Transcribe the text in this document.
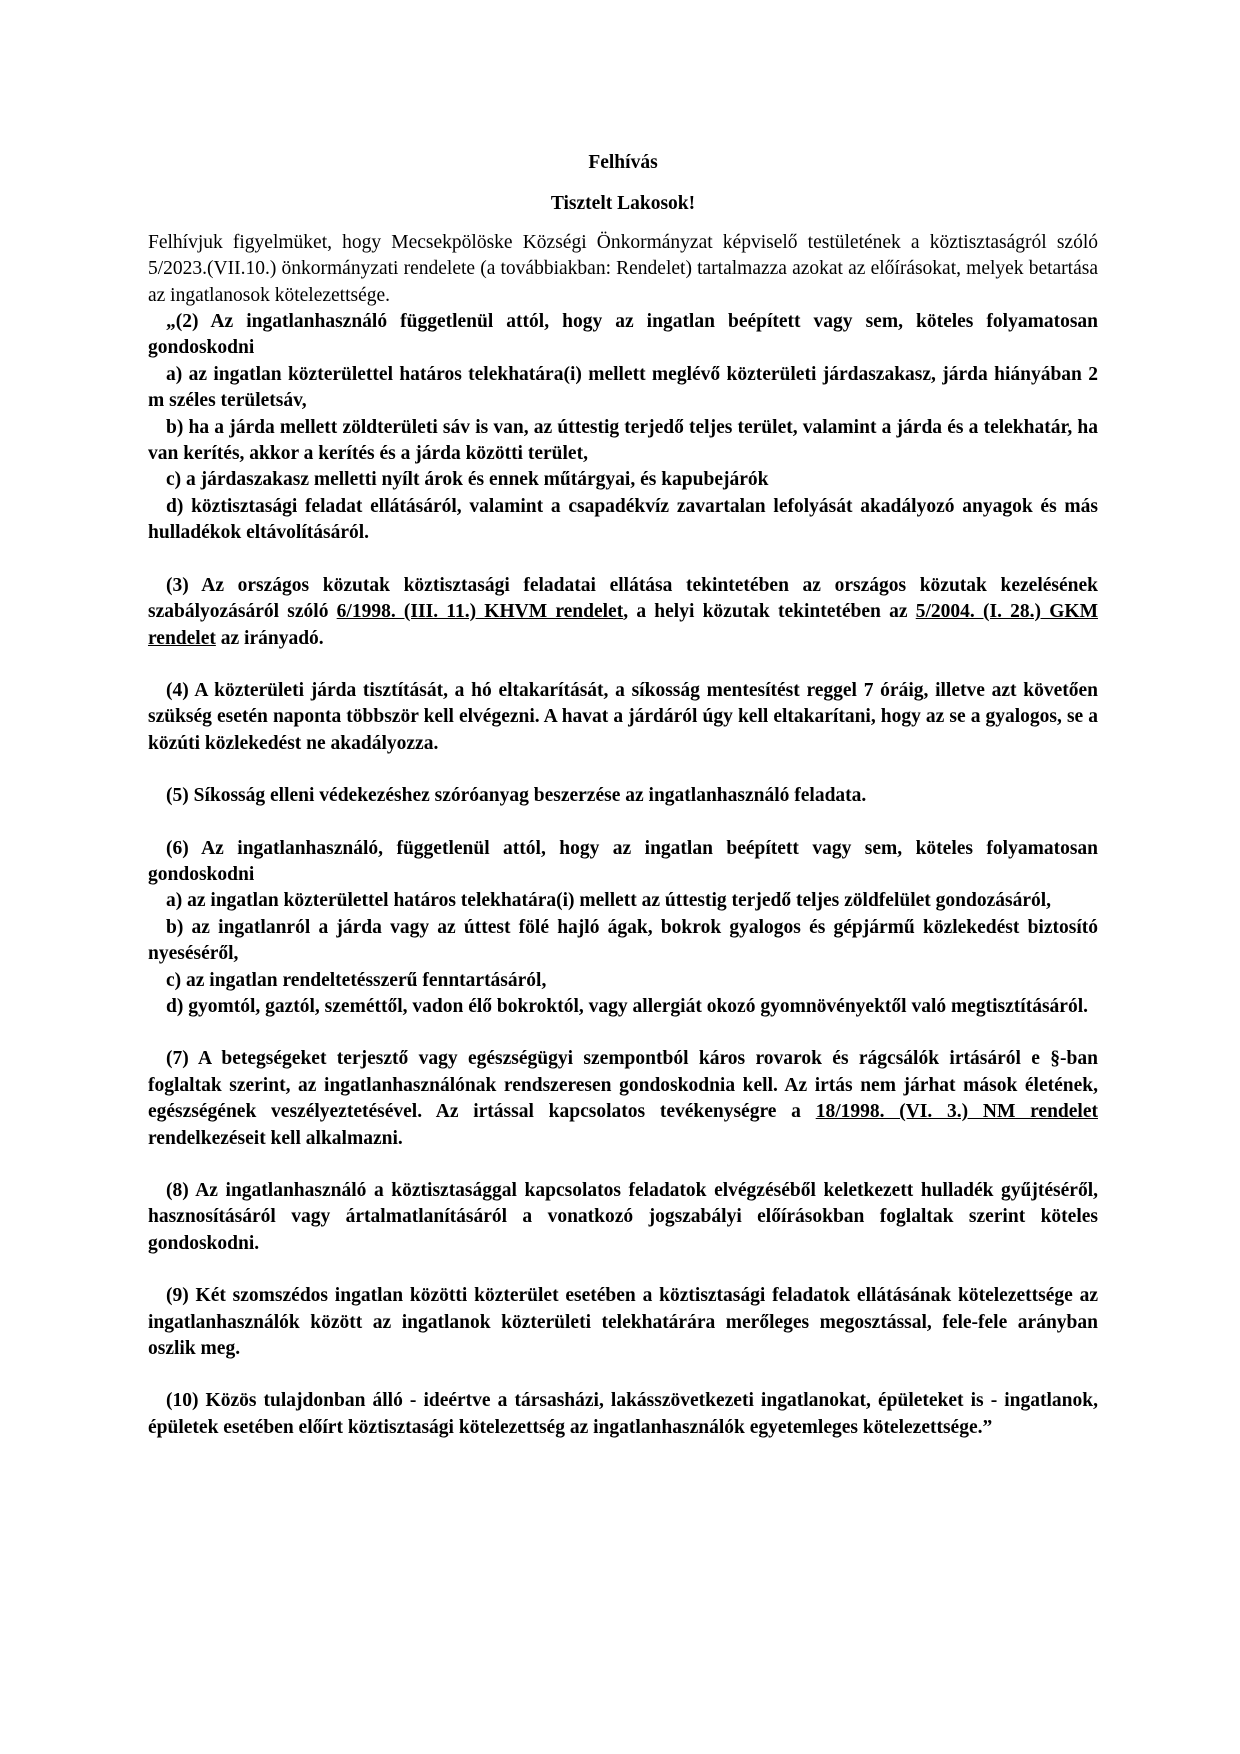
Felhívás
Tisztelt Lakosok!

Felhívjuk figyelmüket, hogy Mecsekpölöske Községi Önkormányzat képviselő testületének a köztisztaságról szóló 5/2023.(VII.10.) önkormányzati rendelete (a továbbiakban: Rendelet) tartalmazza azokat az előírásokat, melyek betartása az ingatlanosok kötelezettsége.

„(2) Az ingatlanhasználó függetlenül attól, hogy az ingatlan beépített vagy sem, köteles folyamatosan gondoskodni

a) az ingatlan közterülettel határos telekhatára(i) mellett meglévő közterületi járdaszakasz, járda hiányában 2 m széles területsáv,

b) ha a járda mellett zöldterületi sáv is van, az úttestig terjedő teljes terület, valamint a járda és a telekhatár, ha van kerítés, akkor a kerítés és a járda közötti terület,

c) a járdaszakasz melletti nyílt árok és ennek műtárgyai, és kapubejárók

d) köztisztasági feladat ellátásáról, valamint a csapadékvíz zavartalan lefolyását akadályozó anyagok és más hulladékok eltávolításáról.

(3) Az országos közutak köztisztasági feladatai ellátása tekintetében az országos közutak kezelésének szabályozásáról szóló 6/1998. (III. 11.) KHVM rendelet, a helyi közutak tekintetében az 5/2004. (I. 28.) GKM rendelet az irányadó.

(4) A közterületi járda tisztítását, a hó eltakarítását, a síkosság mentesítést reggel 7 óráig, illetve azt követően szükség esetén naponta többször kell elvégezni. A havat a járdáról úgy kell eltakarítani, hogy az se a gyalogos, se a közúti közlekedést ne akadályozza.

(5) Síkosság elleni védekezéshez szóróanyag beszerzése az ingatlanhasználó feladata.

(6) Az ingatlanhasználó, függetlenül attól, hogy az ingatlan beépített vagy sem, köteles folyamatosan gondoskodni

a) az ingatlan közterülettel határos telekhatára(i) mellett az úttestig terjedő teljes zöldfelület gondozásáról,

b) az ingatlanról a járda vagy az úttest fölé hajló ágak, bokrok gyalogos és gépjármű közlekedést biztosító nyeséséről,

c) az ingatlan rendeltetésszerű fenntartásáról,

d) gyomtól, gaztól, szeméttől, vadon élő bokroktól, vagy allergiát okozó gyomnövényektől való megtisztításáról.

(7) A betegségeket terjesztő vagy egészségügyi szempontból káros rovarok és rágcsálók irtásáról e §-ban foglaltak szerint, az ingatlanhasználónak rendszeresen gondoskodnia kell. Az irtás nem járhat mások életének, egészségének veszélyeztetésével. Az irtással kapcsolatos tevékenységre a 18/1998. (VI. 3.) NM rendelet rendelkezéseit kell alkalmazni.

(8) Az ingatlanhasználó a köztisztasággal kapcsolatos feladatok elvégzéséből keletkezett hulladék gyűjtéséről, hasznosításáról vagy ártalmatlanításáról a vonatkozó jogszabályi előírásokban foglaltak szerint köteles gondoskodni.

(9) Két szomszédos ingatlan közötti közterület esetében a köztisztasági feladatok ellátásának kötelezettsége az ingatlanhasználók között az ingatlanok közterületi telekhatárára merőleges megosztással, fele-fele arányban oszlik meg.

(10) Közös tulajdonban álló - ideértve a társasházi, lakásszövetkezeti ingatlanokat, épületeket is - ingatlanok, épületek esetében előírt köztisztasági kötelezettség az ingatlanhasználók egyetemleges kötelezettsége.”
